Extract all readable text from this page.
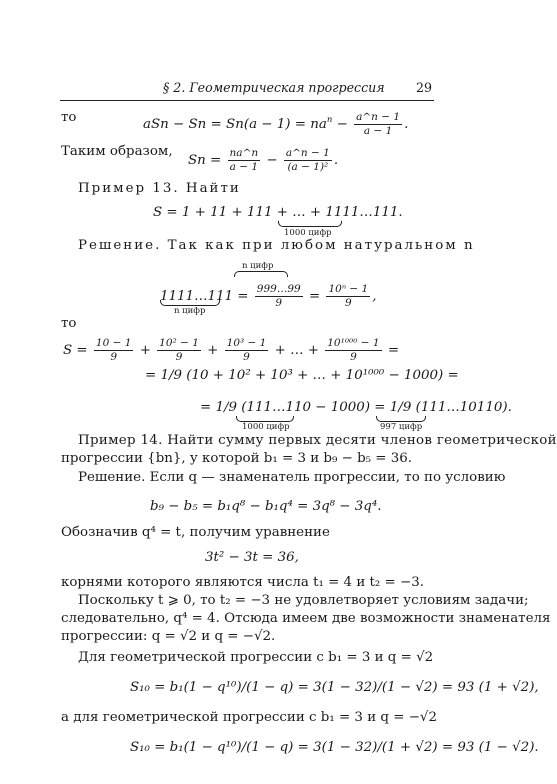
§ 2. Геометрическая прогрессия 29
то	aSn − $Sn = Sn(a - 1) = na^n - \frac{a\^{}n - 1}{a - 1}$ .
Таким образом,
$Sn = \frac{na\^{}n}{a - 1} - \frac{a\^{}n - 1}{\text{(a − 1)²}}$ .
Пример 13. Найти
S = 1 + 11 + 111 + … + 1111…111.
1000 цифр
Решение. Так как при любом натуральном n
n цифр
1111…111 = $\frac{999\dots 99}{9} = \frac{\text{10ⁿ − 1}}{9}$ ,
n цифр
то
$S = \frac{10 - 1}{9} + \frac{\text{10² − 1}}{9} + \frac{\text{10³ − 1}}{9}$ + … + $\frac{\text{10¹⁰⁰⁰ − 1}}{9}$ =
= 1/9 (10 + 10² + 10³ + … + 10¹⁰⁰⁰ − 1000) =
= 1/9 (111…110 − 1000) = 1/9 (111…10110).
1000 цифр	997 цифр
Пример 14. Найти сумму первых десяти членов геометрической
прогрессии {bn}, у которой b₁ = 3 и b₉ − b₅ = 36.
Решение. Если q — знаменатель прогрессии, то по условию
b₉ − b₅ = b₁q⁸ − b₁q⁴ = 3q⁸ − 3q⁴.
Обозначив q⁴ = t, получим уравнение
3t² − 3t = 36,
корнями которого являются числа t₁ = 4 и t₂ = −3.
Поскольку t ⩾ 0, то t₂ = −3 не удовлетворяет условиям задачи;
следовательно, q⁴ = 4. Отсюда имеем две возможности знаменателя
прогрессии: q = √2 и q = −√2.
Для геометрической прогрессии с b₁ = 3 и q = √2
S₁₀ = b₁(1 − q¹⁰)/(1 − q) = 3(1 − 32)/(1 − √2) = 93 (1 + √2),
а для геометрической прогрессии с b₁ = 3 и q = −√2
S₁₀ = b₁(1 − q¹⁰)/(1 − q) = 3(1 − 32)/(1 + √2) = 93 (1 − √2).
